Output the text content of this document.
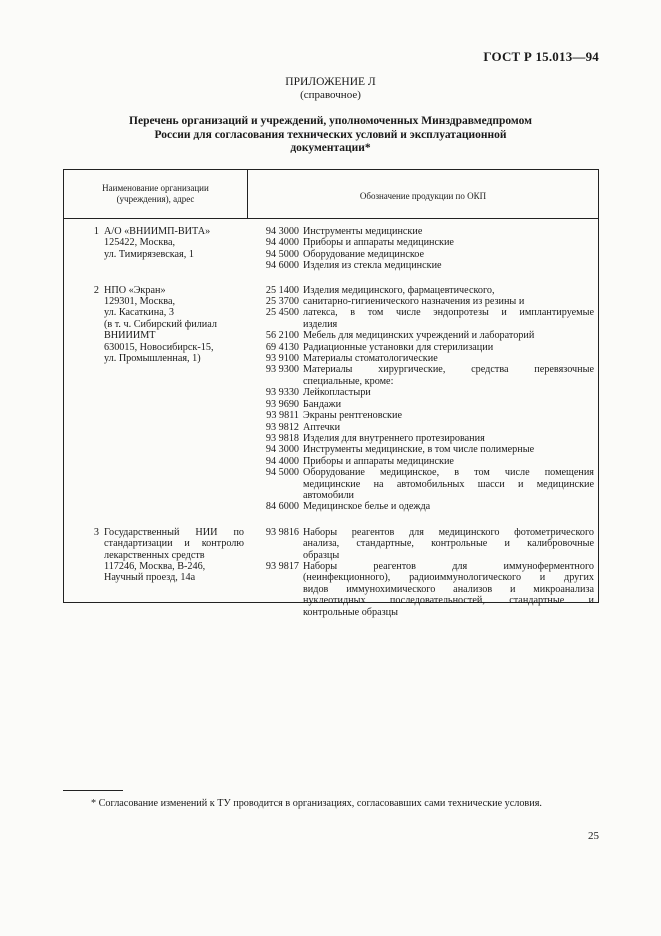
ГОСТ Р 15.013—94
ПРИЛОЖЕНИЕ Л
(справочное)
Перечень организаций и учреждений, уполномоченных Минздравмедпромом
России для согласования технических условий и эксплуатационной
документации*
Наименование организации
(учреждения), адрес	Обозначение продукции по ОКП
1 А/О «ВНИИМП-ВИТА»
125422, Москва,
ул. Тимирязевская, 1
94 3000 Инструменты медицинские
94 4000 Приборы и аппараты медицинские
94 5000 Оборудование медицинское
94 6000 Изделия из стекла медицинские
2 НПО «Экран»
129301, Москва,
ул. Касаткина, 3
(в т. ч. Сибирский филиал
ВНИИИМТ
630015, Новосибирск-15,
ул. Промышленная, 1)
25 1400 Изделия медицинского, фармацевтического,
25 3700 санитарно-гигиенического назначения из резины и
25 4500 латекса, в том числе эндопротезы и имплантируемые
изделия
56 2100 Мебель для медицинских учреждений и лабораторий
69 4130 Радиационные установки для стерилизации
93 9100 Материалы стоматологические
93 9300 Материалы хирургические, средства перевязочные
специальные, кроме:
93 9330 Лейкопластыри
93 9690 Бандажи
93 9811 Экраны рентгеновские
93 9812 Аптечки
93 9818 Изделия для внутреннего протезирования
94 3000 Инструменты медицинские, в том числе полимерные
94 4000 Приборы и аппараты медицинские
94 5000 Оборудование медицинское, в том числе помещения
медицинские на автомобильных шасси и медицинские
автомобили
84 6000 Медицинское белье и одежда
3 Государственный НИИ по
стандартизации и контролю
лекарственных средств
117246, Москва, В-246,
Научный проезд, 14а
93 9816 Наборы реагентов для медицинского фотометрического
анализа, стандартные, контрольные и калибровочные
образцы
93 9817 Наборы реагентов для иммуноферментного
(неинфекционного), радиоиммунологического и других
видов иммунохимического анализов и микроанализа
нуклеотидных последовательностей, стандартные и
контрольные образцы
* Согласование изменений к ТУ проводится в организациях, согласовавших сами технические условия.
25
